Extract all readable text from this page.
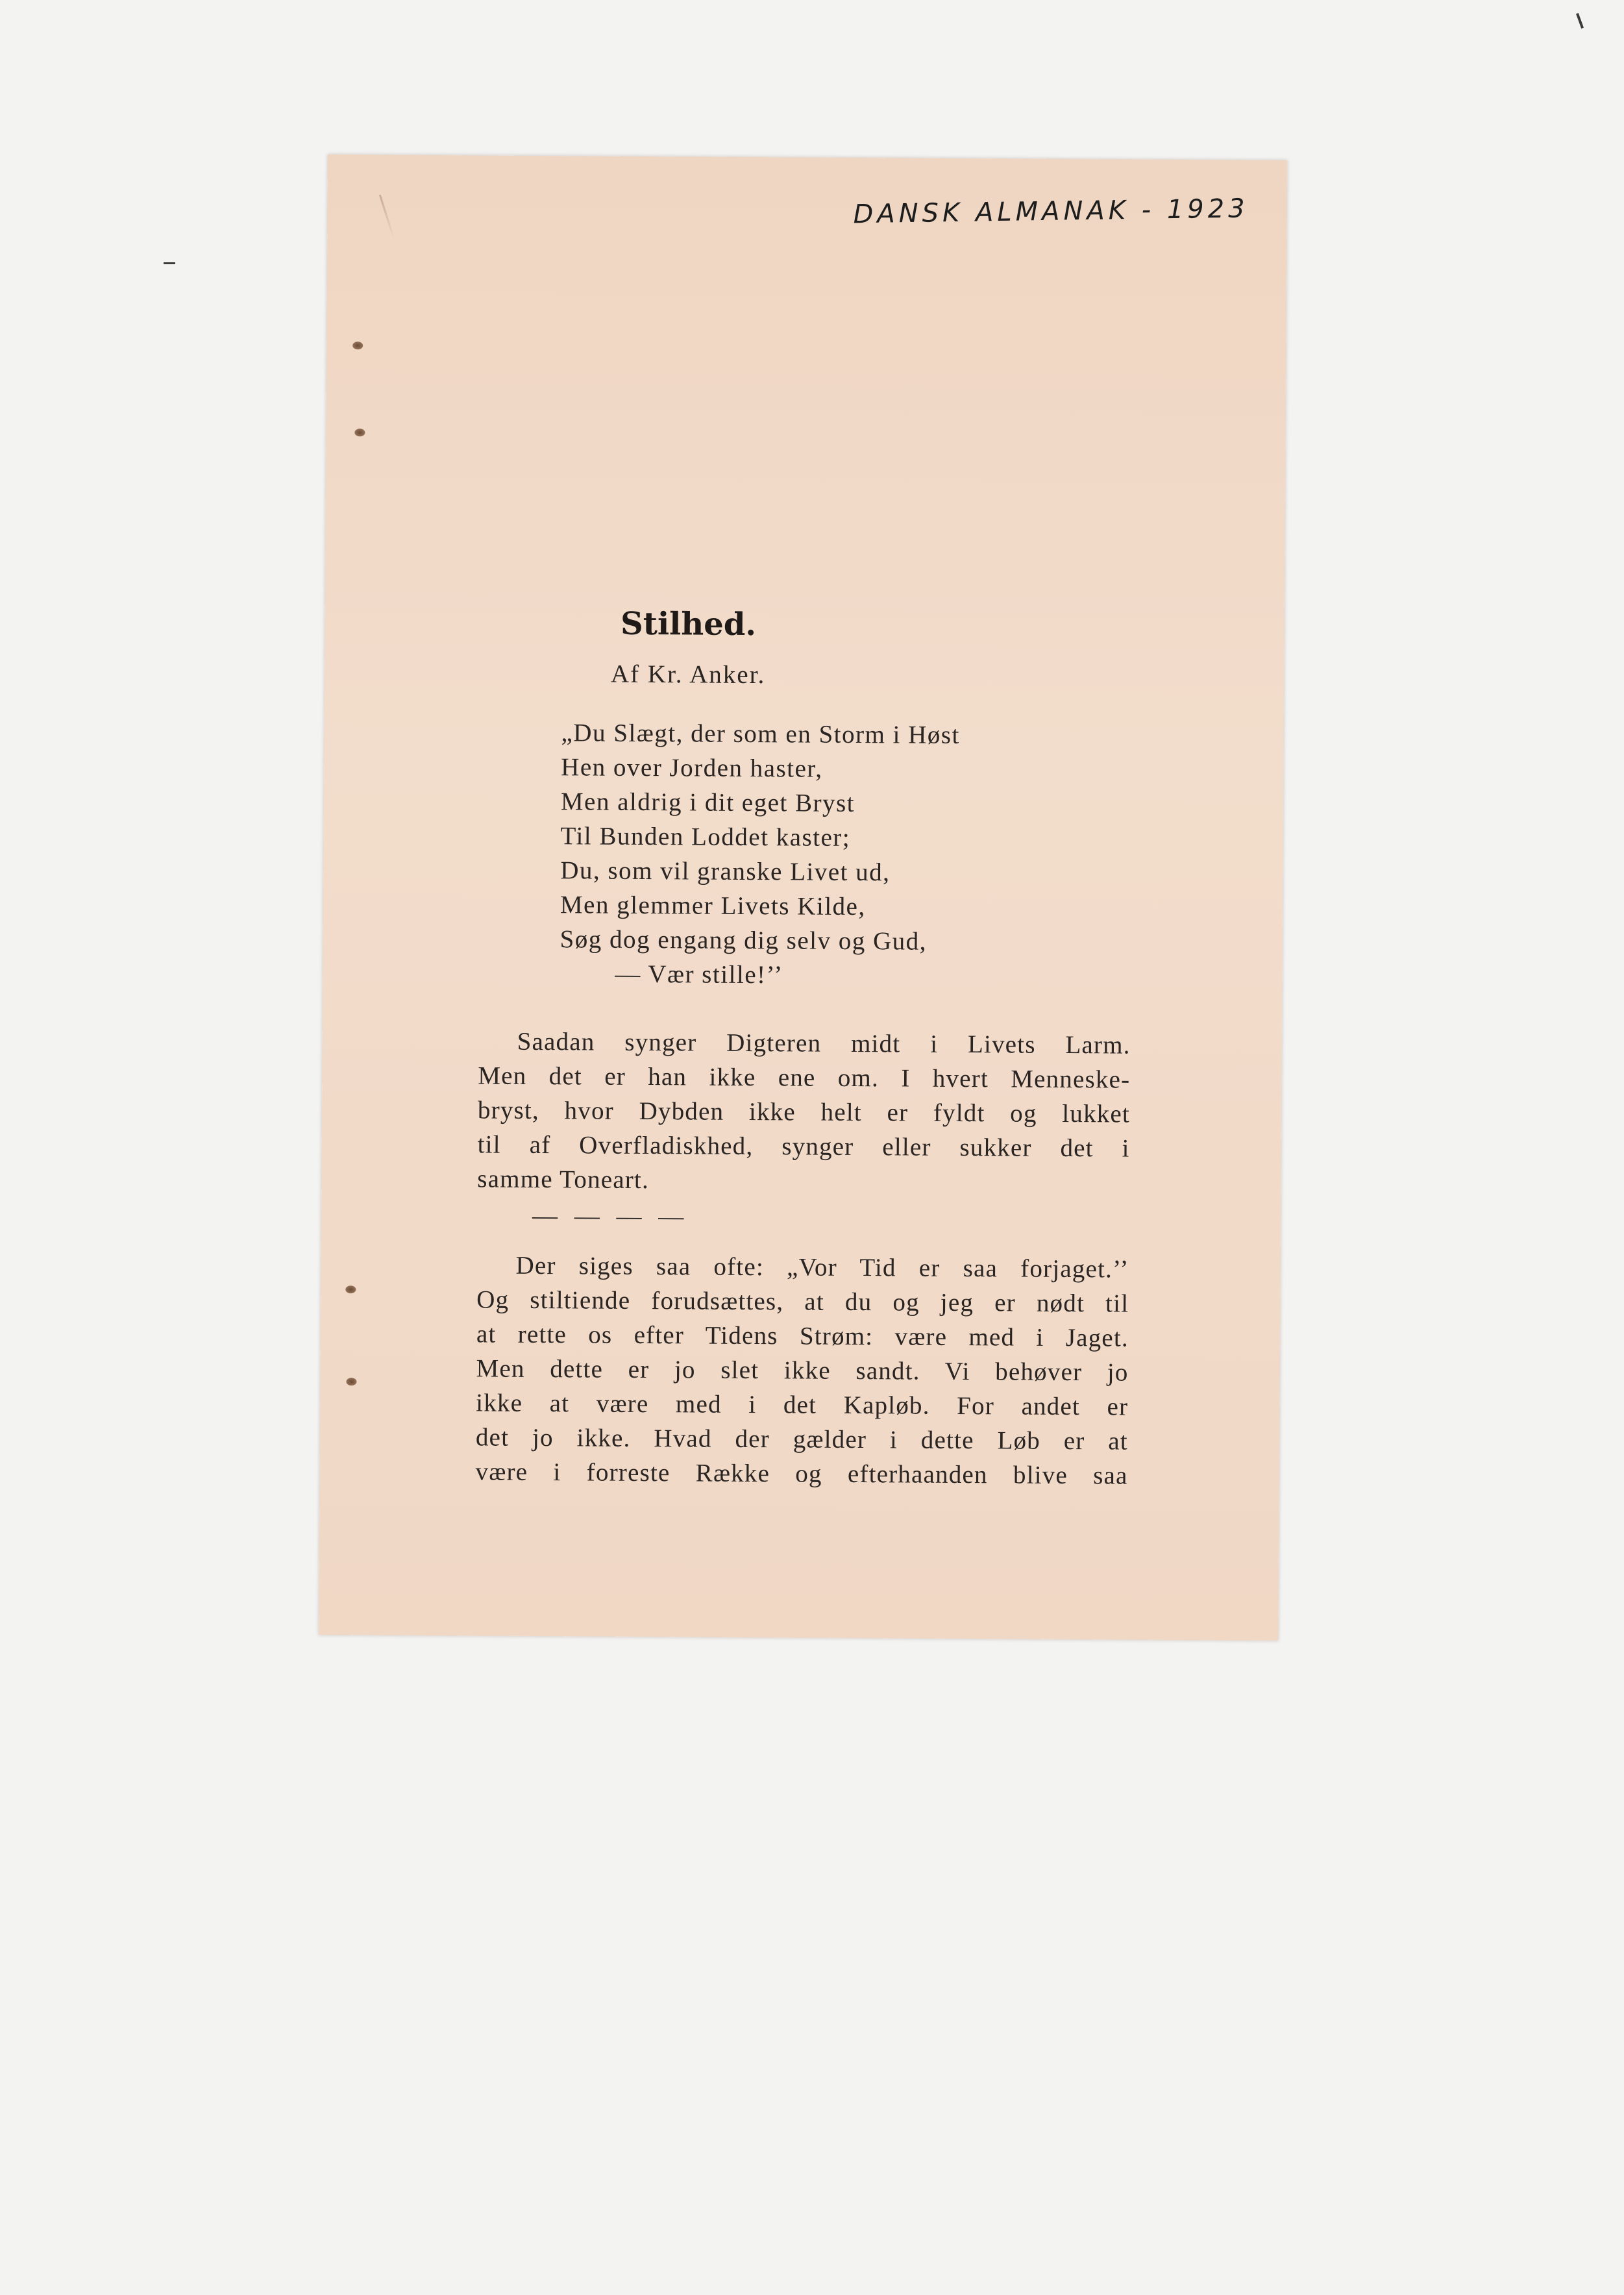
DANSK ALMANAK - 1923
Stilhed.
Af Kr. Anker.
„Du Slægt, der som en Storm i Høst
Hen over Jorden haster,
Men aldrig i dit eget Bryst
Til Bunden Loddet kaster;
Du, som vil granske Livet ud,
Men glemmer Livets Kilde,
Søg dog engang dig selv og Gud,
— Vær stille!’’
Saadan synger Digteren midt i Livets Larm.
Men det er han ikke ene om. I hvert Menneske-
bryst, hvor Dybden ikke helt er fyldt og lukket
til af Overfladiskhed, synger eller sukker det i
samme Toneart.
— — — —
Der siges saa ofte: „Vor Tid er saa forjaget.’’
Og stiltiende forudsættes, at du og jeg er nødt til
at rette os efter Tidens Strøm: være med i Jaget.
Men dette er jo slet ikke sandt. Vi behøver jo
ikke at være med i det Kapløb. For andet er
det jo ikke. Hvad der gælder i dette Løb er at
være i forreste Række og efterhaanden blive saa
